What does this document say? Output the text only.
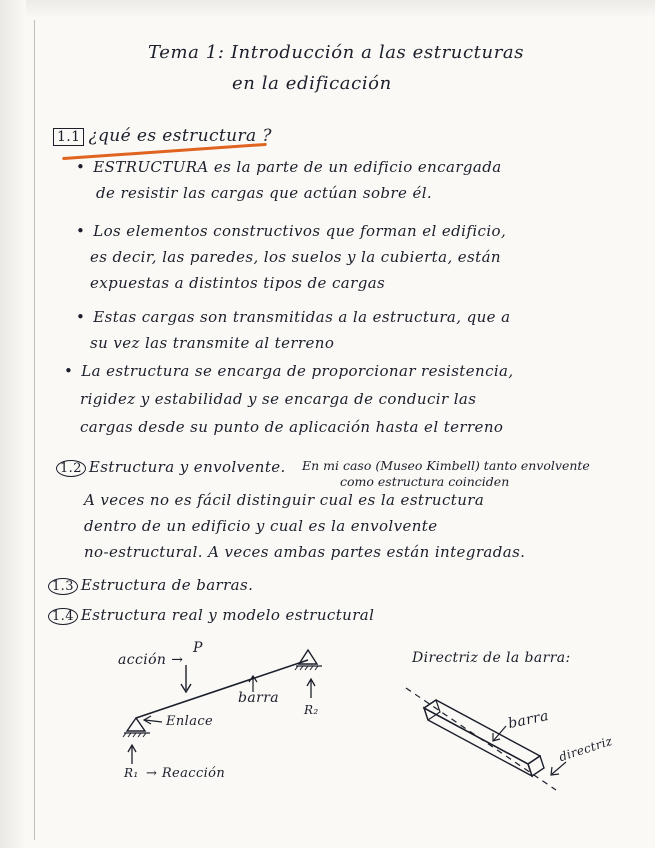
Tema 1: Introducción a las estructuras
en la edificación
1.1 ¿qué es estructura ?
• ESTRUCTURA es la parte de un edificio encargada
de resistir las cargas que actúan sobre él.
• Los elementos constructivos que forman el edificio,
es decir, las paredes, los suelos y la cubierta, están
expuestas a distintos tipos de cargas
• Estas cargas son transmitidas a la estructura, que a
su vez las transmite al terreno
• La estructura se encarga de proporcionar resistencia,
rigidez y estabilidad y se encarga de conducir las
cargas desde su punto de aplicación hasta el terreno
1.2 Estructura y envolvente. En mi caso (Museo Kimbell) tanto envolvente
como estructura coinciden
A veces no es fácil distinguir cual es la estructura
dentro de un edificio y cual es la envolvente
no-estructural. A veces ambas partes están integradas.
1.3 Estructura de barras.
1.4 Estructura real y modelo estructural
acción →
P
barra
R₂
Enlace
R₁ → Reacción
Directriz de la barra:
barra
directriz
